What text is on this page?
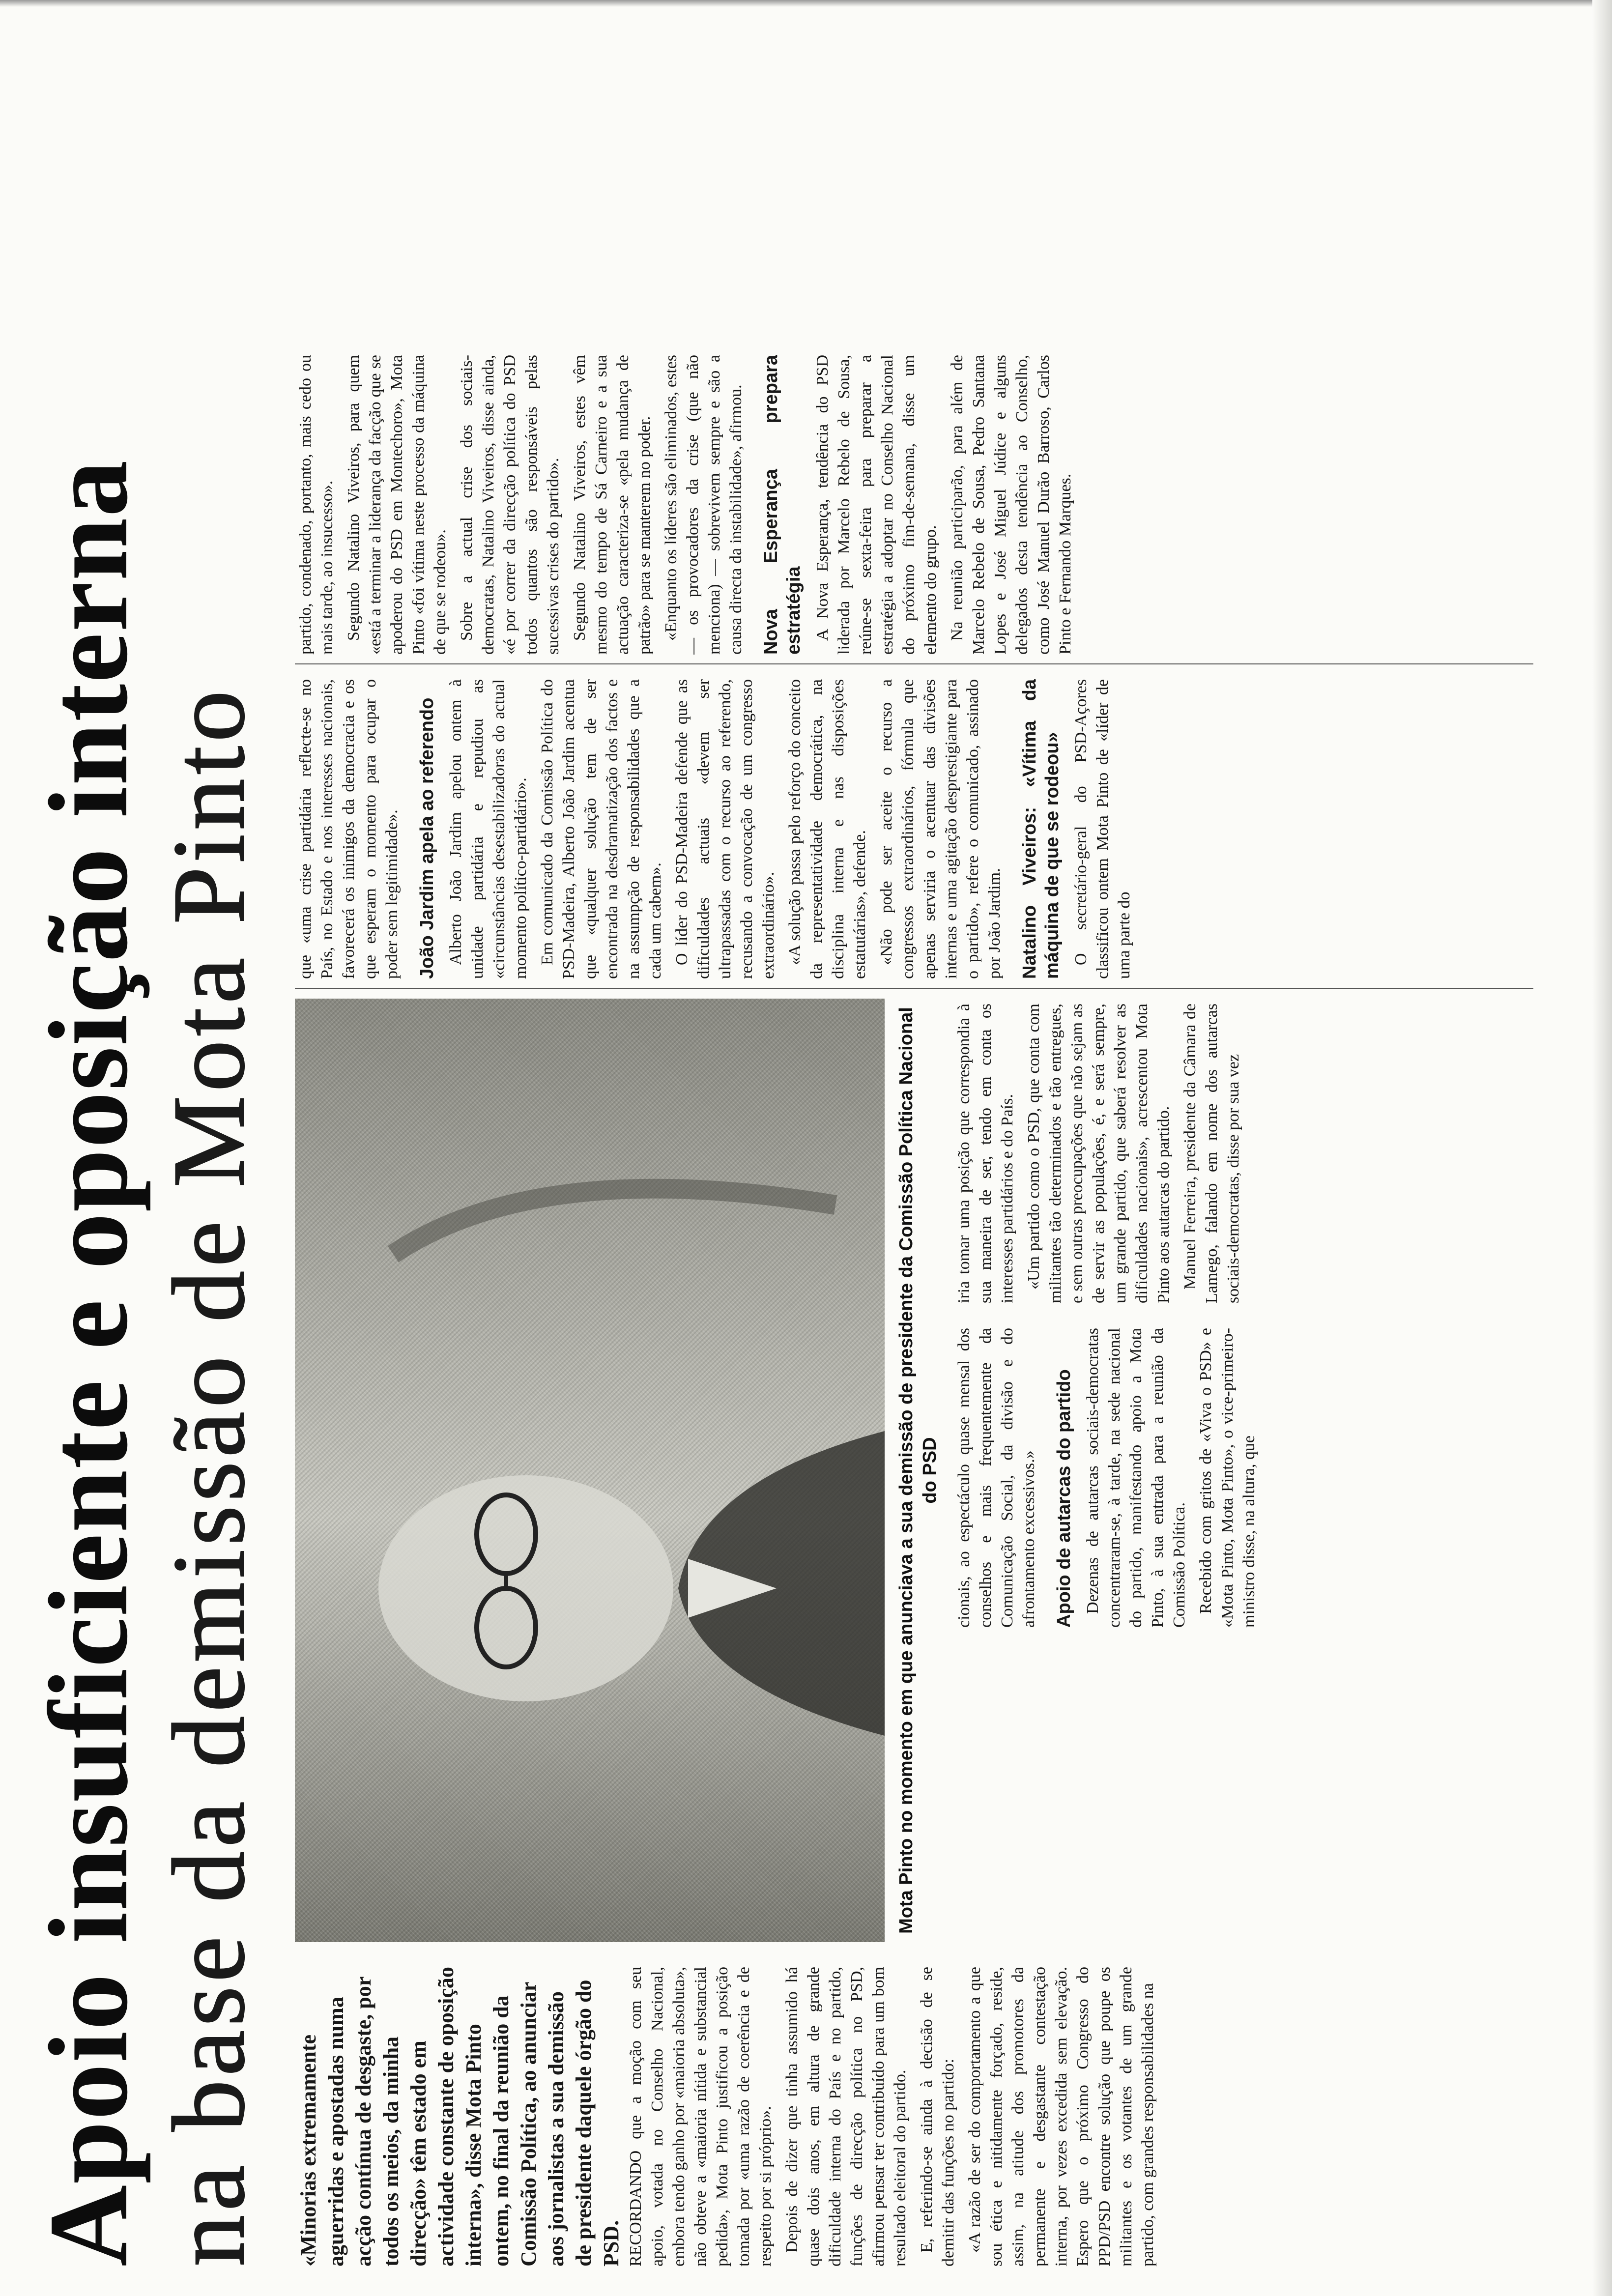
Apoio insuficiente e oposição interna na base da demissão de Mota Pinto «Minorias extremamente aguerridas e apostadas numa acção contínua de desgaste, por todos os meios, da minha direcção» têm estado em actividade constante de oposição interna», disse Mota Pinto ontem, no final da reunião da Comissão Política, ao anunciar aos jornalistas a sua demissão de presidente daquele órgão do PSD. RECORDANDO que a moção com seu apoio, votada no Conselho Nacional, embora tendo ganho por «maioria absoluta», não obteve a «maioria nítida e substancial pedida», Mota Pinto justificou a posição tomada por «uma razão de coerência e de respeito por si próprio». Depois de dizer que tinha assumido há quase dois anos, em altura de grande dificuldade interna do País e no partido, funções de direcção política no PSD, afirmou pensar ter contribuído para um bom resultado eleitoral do partido. E, referindo-se ainda à decisão de se demitir das funções no partido: «A razão de ser do comportamento a que sou ética e nitidamente forçado, reside, assim, na atitude dos promotores da permanente e desgastante contestação interna, por vezes excedida sem elevação. Espero que o próximo Congresso do PPD/PSD encontre solução que poupe os militantes e os votantes de um grande partido, com grandes responsabilidades na

Mota Pinto no momento em que anunciava a sua demissão de presidente da Comissão Política Nacional do PSD cionais, ao espectáculo quase mensal dos conselhos e mais frequentemente da Comunicação Social, da divisão e do afrontamento excessivos.» Apoio de autarcas do partido Dezenas de autarcas sociais-democratas concentraram-se, à tarde, na sede nacional do partido, manifestando apoio a Mota Pinto, à sua entrada para a reunião da Comissão Política. Recebido com gritos de «Viva o PSD» e «Mota Pinto, Mota Pinto», o vice-primeiro-ministro disse, na altura, que

iria tomar uma posição que correspondia à sua maneira de ser, tendo em conta os interesses partidários e do País. «Um partido como o PSD, que conta com militantes tão determinados e tão entregues, e sem outras preocupações que não sejam as de servir as populações, é, e será sempre, um grande partido, que saberá resolver as dificuldades nacionais», acrescentou Mota Pinto aos autarcas do partido. Manuel Ferreira, presidente da Câmara de Lamego, falando em nome dos autarcas sociais-democratas, disse por sua vez

que «uma crise partidária reflecte-se no País, no Estado e nos interesses nacionais, favorecerá os inimigos da democracia e os que esperam o momento para ocupar o poder sem legitimidade». João Jardim apela ao referendo Alberto João Jardim apelou ontem à unidade partidária e repudiou as «circunstâncias desestabilizadoras do actual momento político-partidário». Em comunicado da Comissão Política do PSD-Madeira, Alberto João Jardim acentua que «qualquer solução tem de ser encontrada na desdramatização dos factos e na assumpção de responsabilidades que a cada um cabem». O líder do PSD-Madeira defende que as dificuldades actuais «devem ser ultrapassadas com o recurso ao referendo, recusando a convocação de um congresso extraordinário». «A solução passa pelo reforço do conceito da representatividade democrática, na disciplina interna e nas disposições estatutárias», defende. «Não pode ser aceite o recurso a congressos extraordinários, fórmula que apenas serviria o acentuar das divisões internas e uma agitação desprestigiante para o partido», refere o comunicado, assinado por João Jardim. Natalino Viveiros: «Vítima da máquina de que se rodeou» O secretário-geral do PSD-Açores classificou ontem Mota Pinto de «líder de uma parte do

partido, condenado, portanto, mais cedo ou mais tarde, ao insucesso». Segundo Natalino Viveiros, para quem «está a terminar a liderança da facção que se apoderou do PSD em Montechoro», Mota Pinto «foi vítima neste processo da máquina de que se rodeou». Sobre a actual crise dos sociais-democratas, Natalino Viveiros, disse ainda, «é por correr da direcção política do PSD todos quantos são responsáveis pelas sucessivas crises do partido». Segundo Natalino Viveiros, estes vêm mesmo do tempo de Sá Carneiro e a sua actuação caracteriza-se «pela mudança de patrão» para se manterem no poder. «Enquanto os líderes são eliminados, estes — os provocadores da crise (que não menciona) — sobrevivem sempre e são a causa directa da instabilidade», afirmou. Nova Esperança prepara estratégia A Nova Esperança, tendência do PSD liderada por Marcelo Rebelo de Sousa, reúne-se sexta-feira para preparar a estratégia a adoptar no Conselho Nacional do próximo fim-de-semana, disse um elemento do grupo. Na reunião participarão, para além de Marcelo Rebelo de Sousa, Pedro Santana Lopes e José Miguel Júdice e alguns delegados desta tendência ao Conselho, como José Manuel Durão Barroso, Carlos Pinto e Fernando Marques.
